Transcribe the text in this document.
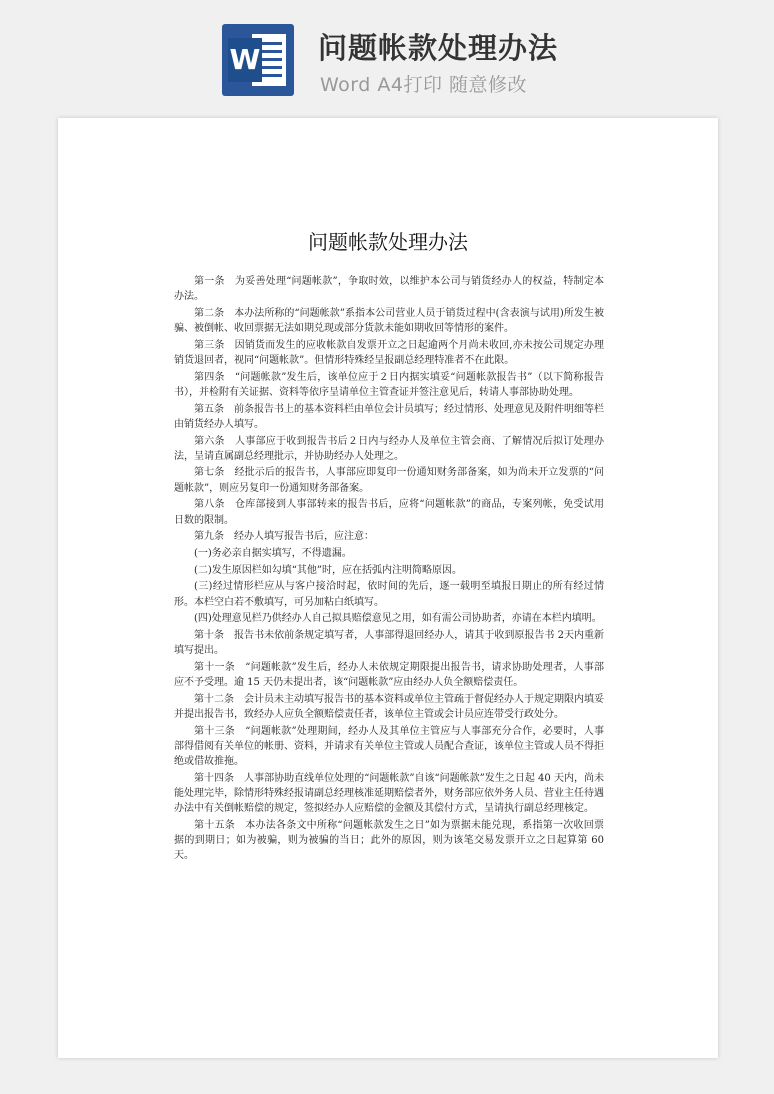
W 问题帐款处理办法
Word A4打印 随意修改
问题帐款处理办法

第一条　为妥善处理“问题帐款”，争取时效，以维护本公司与销货经办人的权益，特制定本办法。

第二条　本办法所称的“问题帐款”系指本公司营业人员于销货过程中(含表演与试用)所发生被骗、被倒帐、收回票据无法如期兑现或部分货款未能如期收回等情形的案件。

第三条　因销货而发生的应收帐款自发票开立之日起逾两个月尚未收回,亦未按公司规定办理销货退回者，视同“问题帐款”。但情形特殊经呈报副总经理特准者不在此限。

第四条　“问题帐款”发生后，该单位应于２日内据实填妥“问题帐款报告书”（以下简称报告书），并检附有关证据、资料等依序呈请单位主管查证并签注意见后，转请人事部协助处理。

第五条　前条报告书上的基本资料栏由单位会计员填写；经过情形、处理意见及附件明细等栏由销货经办人填写。

第六条　人事部应于收到报告书后２日内与经办人及单位主管会商、了解情况后拟订处理办法，呈请直属副总经理批示，并协助经办人处理之。

第七条　经批示后的报告书，人事部应即复印一份通知财务部备案，如为尚未开立发票的“问题帐款”，则应另复印一份通知财务部备案。

第八条　仓库部接到人事部转来的报告书后，应将“问题帐款”的商品，专案列帐，免受试用日数的限制。

第九条　经办人填写报告书后，应注意：

(一)务必亲自据实填写，不得遗漏。

(二)发生原因栏如勾填“其他”时，应在括弧内注明简略原因。

(三)经过情形栏应从与客户接洽时起，依时间的先后，逐一载明至填报日期止的所有经过情形。本栏空白若不敷填写，可另加粘白纸填写。

(四)处理意见栏乃供经办人自己拟具赔偿意见之用，如有需公司协助者，亦请在本栏内填明。

第十条　报告书未依前条规定填写者，人事部得退回经办人，请其于收到原报告书 2天内重新填写提出。

第十一条　“问题帐款”发生后，经办人未依规定期限提出报告书，请求协助处理者，人事部应不予受理。逾 15 天仍未提出者，该“问题帐款”应由经办人负全额赔偿责任。

第十二条　会计员未主动填写报告书的基本资料或单位主管疏于督促经办人于规定期限内填妥并提出报告书，致经办人应负全额赔偿责任者，该单位主管或会计员应连带受行政处分。

第十三条　“问题帐款”处理期间，经办人及其单位主管应与人事部充分合作，必要时，人事部得借阅有关单位的帐册、资料，并请求有关单位主管或人员配合查证，该单位主管或人员不得拒绝或借故推拖。

第十四条　人事部协助直线单位处理的“问题帐款”自该“问题帐款”发生之日起 40 天内，尚未能处理完毕，除情形特殊经报请副总经理核准延期赔偿者外，财务部应依外务人员、营业主任待遇办法中有关倒帐赔偿的规定，签拟经办人应赔偿的金额及其偿付方式，呈请执行副总经理核定。

第十五条　本办法各条文中所称“问题帐款发生之日”如为票据未能兑现，系指第一次收回票据的到期日；如为被骗，则为被骗的当日；此外的原因，则为该笔交易发票开立之日起算第 60 天。
